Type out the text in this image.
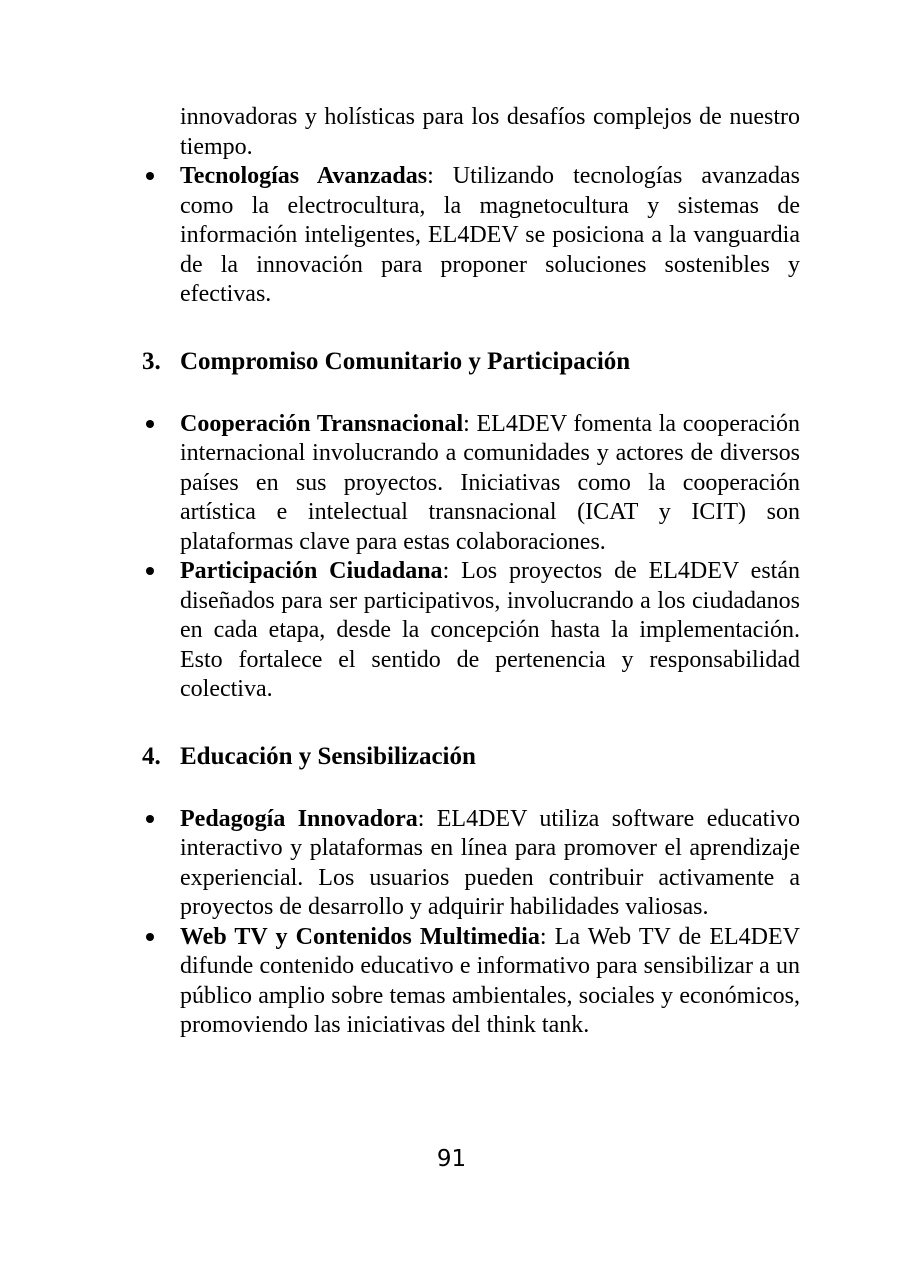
innovadoras y holísticas para los desafíos complejos de nuestro tiempo.
Tecnologías Avanzadas: Utilizando tecnologías avanzadas como la electrocultura, la magnetocultura y sistemas de información inteligentes, EL4DEV se posiciona a la vanguardia de la innovación para proponer soluciones sostenibles y efectivas.
3. Compromiso Comunitario y Participación
Cooperación Transnacional: EL4DEV fomenta la cooperación internacional involucrando a comunidades y actores de diversos países en sus proyectos. Iniciativas como la cooperación artística e intelectual transnacional (ICAT y ICIT) son plataformas clave para estas colaboraciones.
Participación Ciudadana: Los proyectos de EL4DEV están diseñados para ser participativos, involucrando a los ciudadanos en cada etapa, desde la concepción hasta la implementación. Esto fortalece el sentido de pertenencia y responsabilidad colectiva.
4. Educación y Sensibilización
Pedagogía Innovadora: EL4DEV utiliza software educativo interactivo y plataformas en línea para promover el aprendizaje experiencial. Los usuarios pueden contribuir activamente a proyectos de desarrollo y adquirir habilidades valiosas.
Web TV y Contenidos Multimedia: La Web TV de EL4DEV difunde contenido educativo e informativo para sensibilizar a un público amplio sobre temas ambientales, sociales y económicos, promoviendo las iniciativas del think tank.
91
